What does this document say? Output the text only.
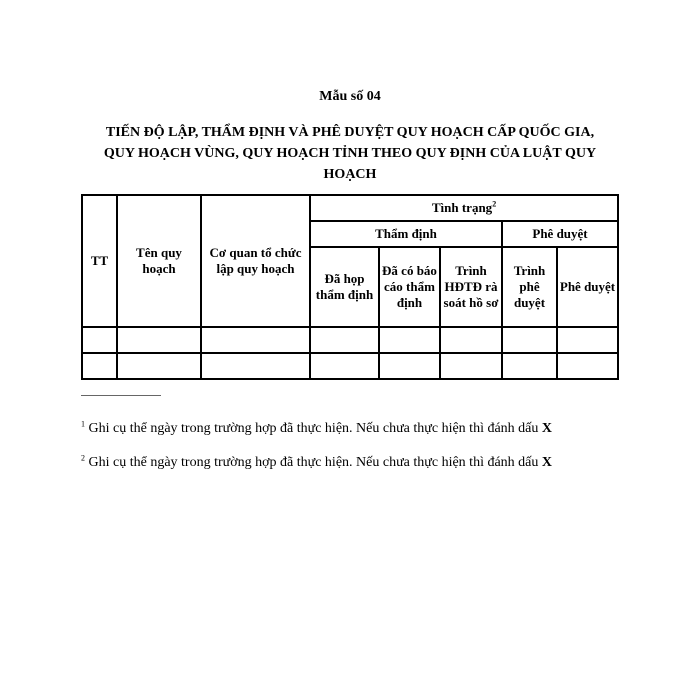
Mẫu số 04
TIẾN ĐỘ LẬP, THẨM ĐỊNH VÀ PHÊ DUYỆT QUY HOẠCH CẤP QUỐC GIA,
QUY HOẠCH VÙNG, QUY HOẠCH TỈNH THEO QUY ĐỊNH CỦA LUẬT QUY
HOẠCH
TT	Tên quy hoạch	Cơ quan tổ chức lập quy hoạch	Tình trạng$^2$
			Thẩm định			Phê duyệt	
			Đã họp thẩm định	Đã có báo cáo thẩm định	Trình HĐTĐ rà soát hồ sơ	Trình phê duyệt	Phê duyệt

$^1$ Ghi cụ thể ngày trong trường hợp đã thực hiện. Nếu chưa thực hiện thì đánh dấu X
$^2$ Ghi cụ thể ngày trong trường hợp đã thực hiện. Nếu chưa thực hiện thì đánh dấu X
